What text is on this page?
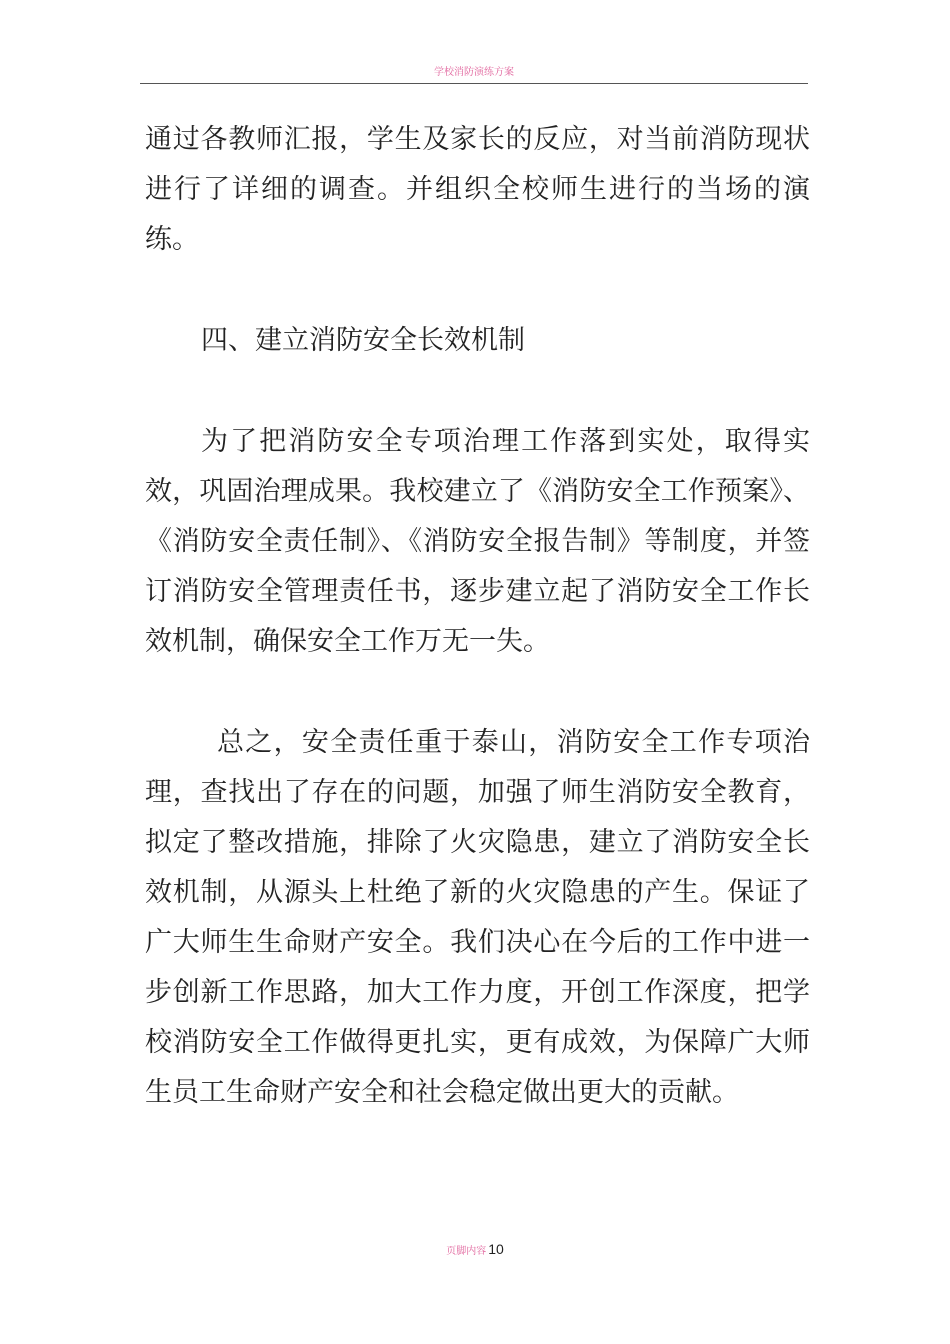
学校消防演练方案

通过各教师汇报，学生及家长的反应，对当前消防现状进行了详细的调查。并组织全校师生进行的当场的演练。

四、建立消防安全长效机制

为了把消防安全专项治理工作落到实处，取得实效，巩固治理成果。我校建立了《消防安全工作预案》、《消防安全责任制》、《消防安全报告制》等制度，并签订消防安全管理责任书，逐步建立起了消防安全工作长效机制，确保安全工作万无一失。

总之，安全责任重于泰山，消防安全工作专项治理，查找出了存在的问题，加强了师生消防安全教育，拟定了整改措施，排除了火灾隐患，建立了消防安全长效机制，从源头上杜绝了新的火灾隐患的产生。保证了广大师生生命财产安全。我们决心在今后的工作中进一步创新工作思路，加大工作力度，开创工作深度，把学校消防安全工作做得更扎实，更有成效，为保障广大师生员工生命财产安全和社会稳定做出更大的贡献。

页脚内容 10
